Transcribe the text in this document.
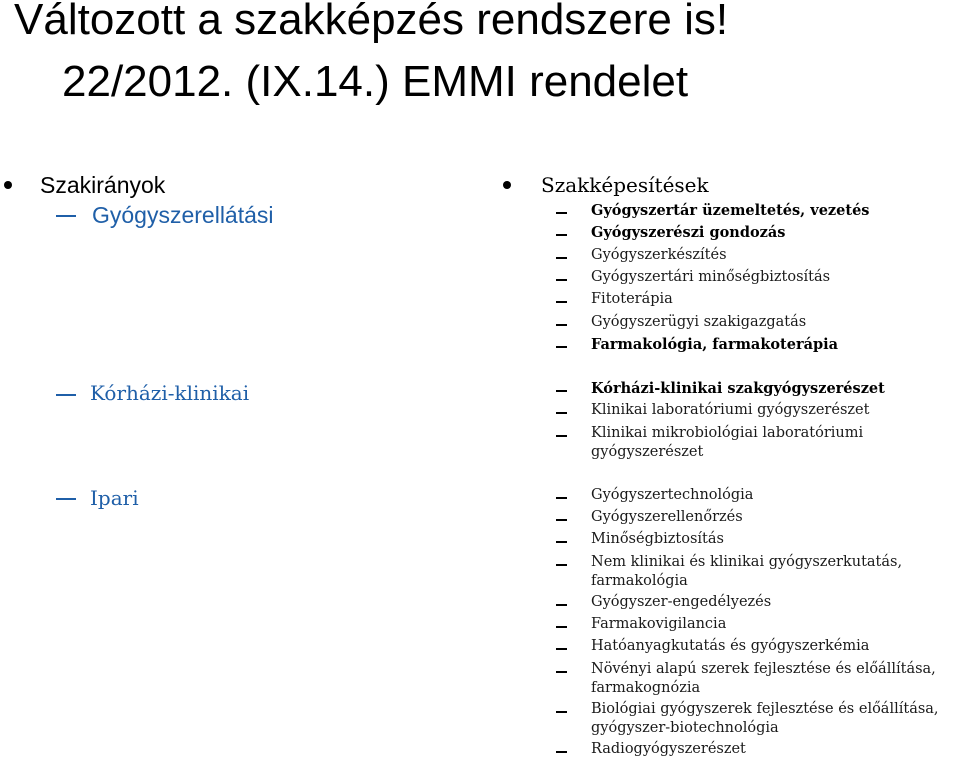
Változott a szakképzés rendszere is!
22/2012. (IX.14.) EMMI rendelet
Szakirányok
Gyógyszerellátási
Kórházi-klinikai
Ipari
Szakképesítések
Gyógyszertár üzemeltetés, vezetés
Gyógyszerészi gondozás
Gyógyszerkészítés
Gyógyszertári minőségbiztosítás
Fitoterápia
Gyógyszerügyi szakigazgatás
Farmakológia, farmakoterápia
Kórházi-klinikai szakgyógyszerészet
Klinikai laboratóriumi gyógyszerészet
Klinikai mikrobiológiai laboratóriumi gyógyszerészet
Gyógyszertechnológia
Gyógyszerellenőrzés
Minőségbiztosítás
Nem klinikai és klinikai gyógyszerkutatás, farmakológia
Gyógyszer-engedélyezés
Farmakovigilancia
Hatóanyagkutatás és gyógyszerkémia
Növényi alapú szerek fejlesztése és előállítása, farmakognózia
Biológiai gyógyszerek fejlesztése és előállítása, gyógyszer-biotechnológia
Radiogyógyszerészet
